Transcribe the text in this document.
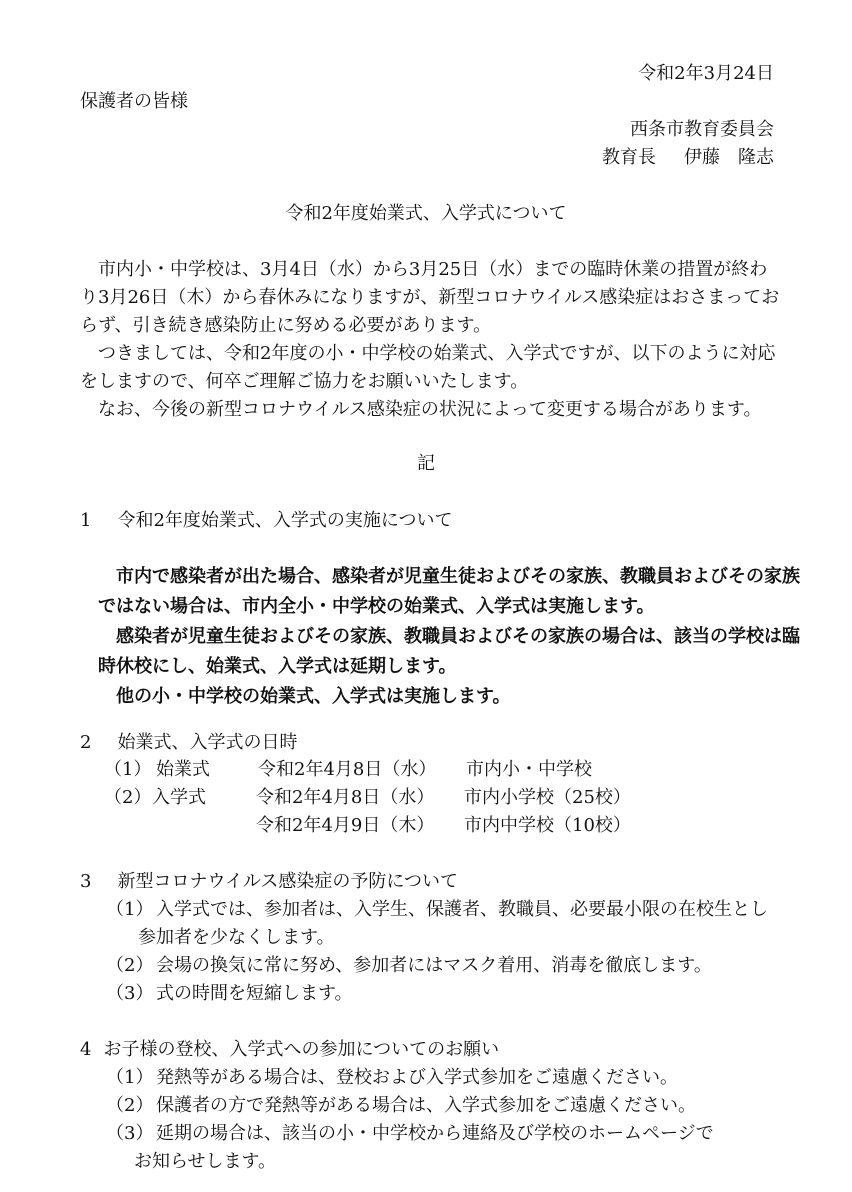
令和2年3月24日
保護者の皆様
西条市教育委員会
教育長 伊藤　隆志
令和2年度始業式、入学式について

市内小・中学校は、3月4日（水）から3月25日（水）までの臨時休業の措置が終わり3月26日（木）から春休みになりますが、新型コロナウイルス感染症はおさまっておらず、引き続き感染防止に努める必要があります。

つきましては、令和2年度の小・中学校の始業式、入学式ですが、以下のように対応をしますので、何卒ご理解ご協力をお願いいたします。

なお、今後の新型コロナウイルス感染症の状況によって変更する場合があります。

記
1 令和2年度始業式、入学式の実施について

市内で感染者が出た場合、感染者が児童生徒およびその家族、教職員およびその家族ではない場合は、市内全小・中学校の始業式、入学式は実施します。

感染者が児童生徒およびその家族、教職員およびその家族の場合は、該当の学校は臨時休校にし、始業式、入学式は延期します。

他の小・中学校の始業式、入学式は実施します。

2 始業式、入学式の日時
（1） 始業式	令和2年4月8日（水） 市内小・中学校
（2） 入学式	令和2年4月8日（水） 市内小学校（25校）
令和2年4月9日（木） 市内中学校（10校）
3 新型コロナウイルス感染症の予防について
（1） 入学式では、参加者は、入学生、保護者、教職員、必要最小限の在校生とし
参加者を少なくします。
（2） 会場の換気に常に努め、参加者にはマスク着用、消毒を徹底します。
（3） 式の時間を短縮します。
4 お子様の登校、入学式への参加についてのお願い
（1） 発熱等がある場合は、登校および入学式参加をご遠慮ください。
（2） 保護者の方で発熱等がある場合は、入学式参加をご遠慮ください。
（3） 延期の場合は、該当の小・中学校から連絡及び学校のホームページで
お知らせします。
